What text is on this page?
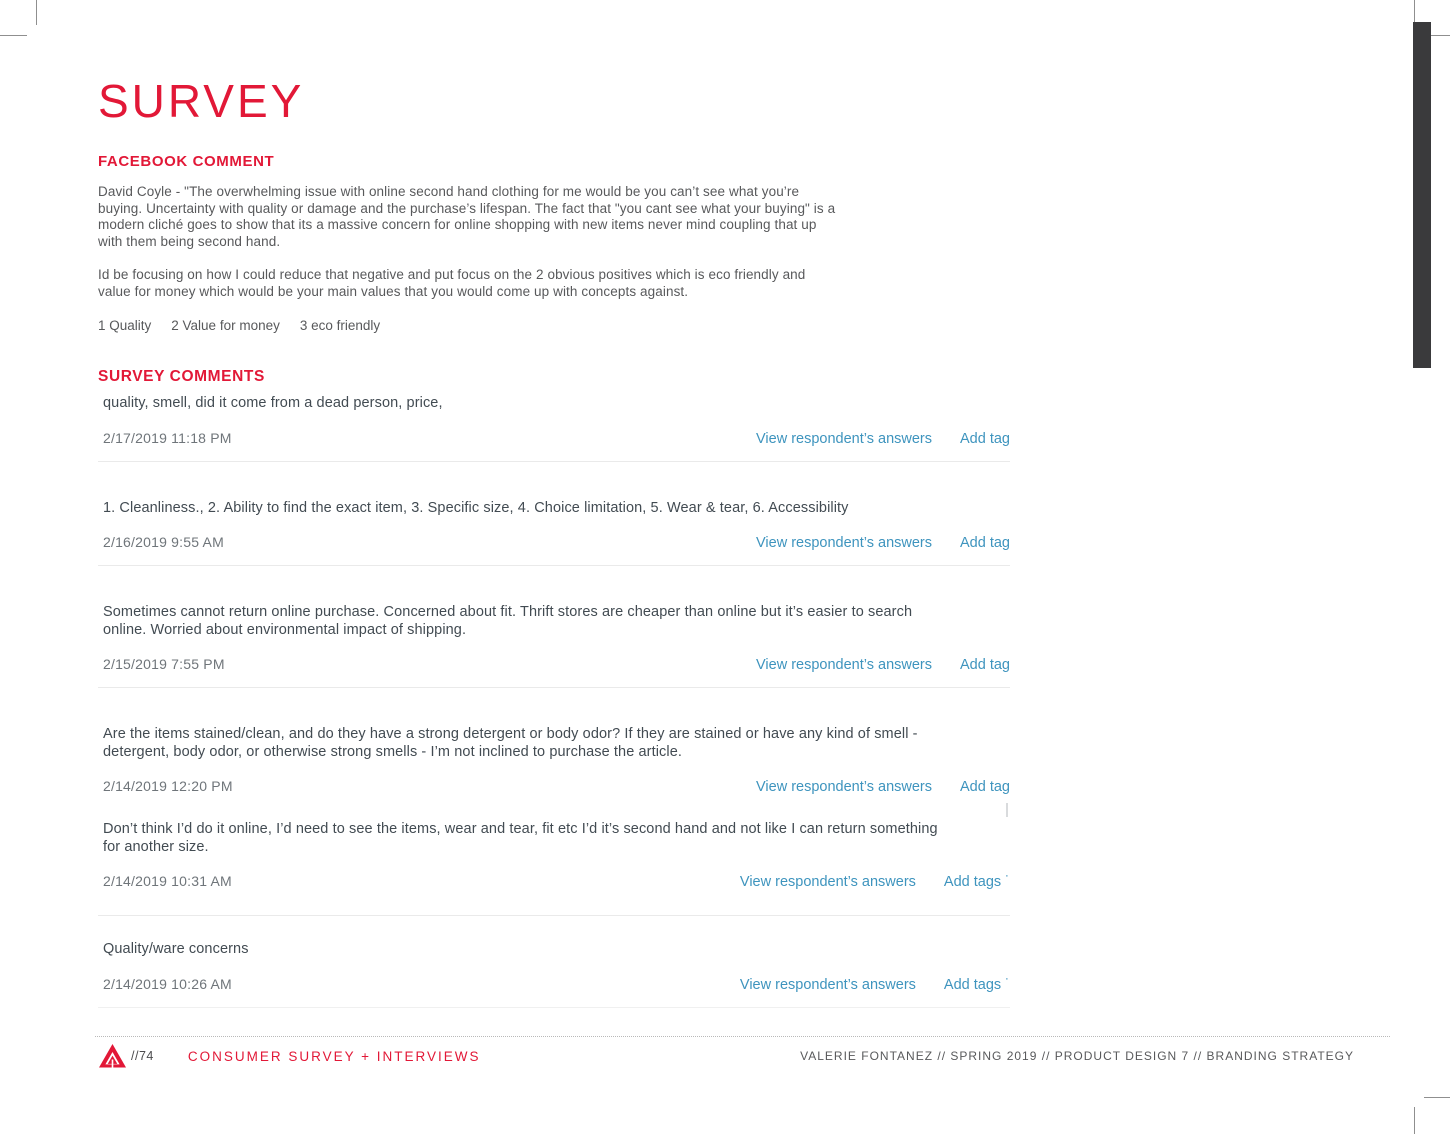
SURVEY
FACEBOOK COMMENT

David Coyle - "The overwhelming issue with online second hand clothing for me would be you can’t see what you’re buying. Uncertainty with quality or damage and the purchase’s lifespan. The fact that "you cant see what your buying" is a modern cliché goes to show that its a massive concern for online shopping with new items never mind coupling that up with them being second hand.

Id be focusing on how I could reduce that negative and put focus on the 2 obvious positives which is eco friendly and value for money which would be your main values that you would come up with concepts against.

1 Quality 2 Value for money 3 eco friendly
SURVEY COMMENTS

quality, smell, did it come from a dead person, price,

2/17/2019 11:18 PM	View respondent’s answers Add tag

1. Cleanliness., 2. Ability to find the exact item, 3. Specific size, 4. Choice limitation, 5. Wear & tear, 6. Accessibility

2/16/2019 9:55 AM	View respondent’s answers Add tag

Sometimes cannot return online purchase. Concerned about fit. Thrift stores are cheaper than online but it’s easier to search online. Worried about environmental impact of shipping.

2/15/2019 7:55 PM	View respondent’s answers Add tag

Are the items stained/clean, and do they have a strong detergent or body odor? If they are stained or have any kind of smell - detergent, body odor, or otherwise strong smells - I’m not inclined to purchase the article.

2/14/2019 12:20 PM	View respondent’s answers Add tag

Don’t think I’d do it online, I’d need to see the items, wear and tear, fit etc I’d it’s second hand and not like I can return something for another size.

2/14/2019 10:31 AM	View respondent’s answers Add tags ˙

Quality/ware concerns

2/14/2019 10:26 AM	View respondent’s answers Add tags ˙
//74	CONSUMER SURVEY + INTERVIEWS	VALERIE FONTANEZ // SPRING 2019 // PRODUCT DESIGN 7 // BRANDING STRATEGY
